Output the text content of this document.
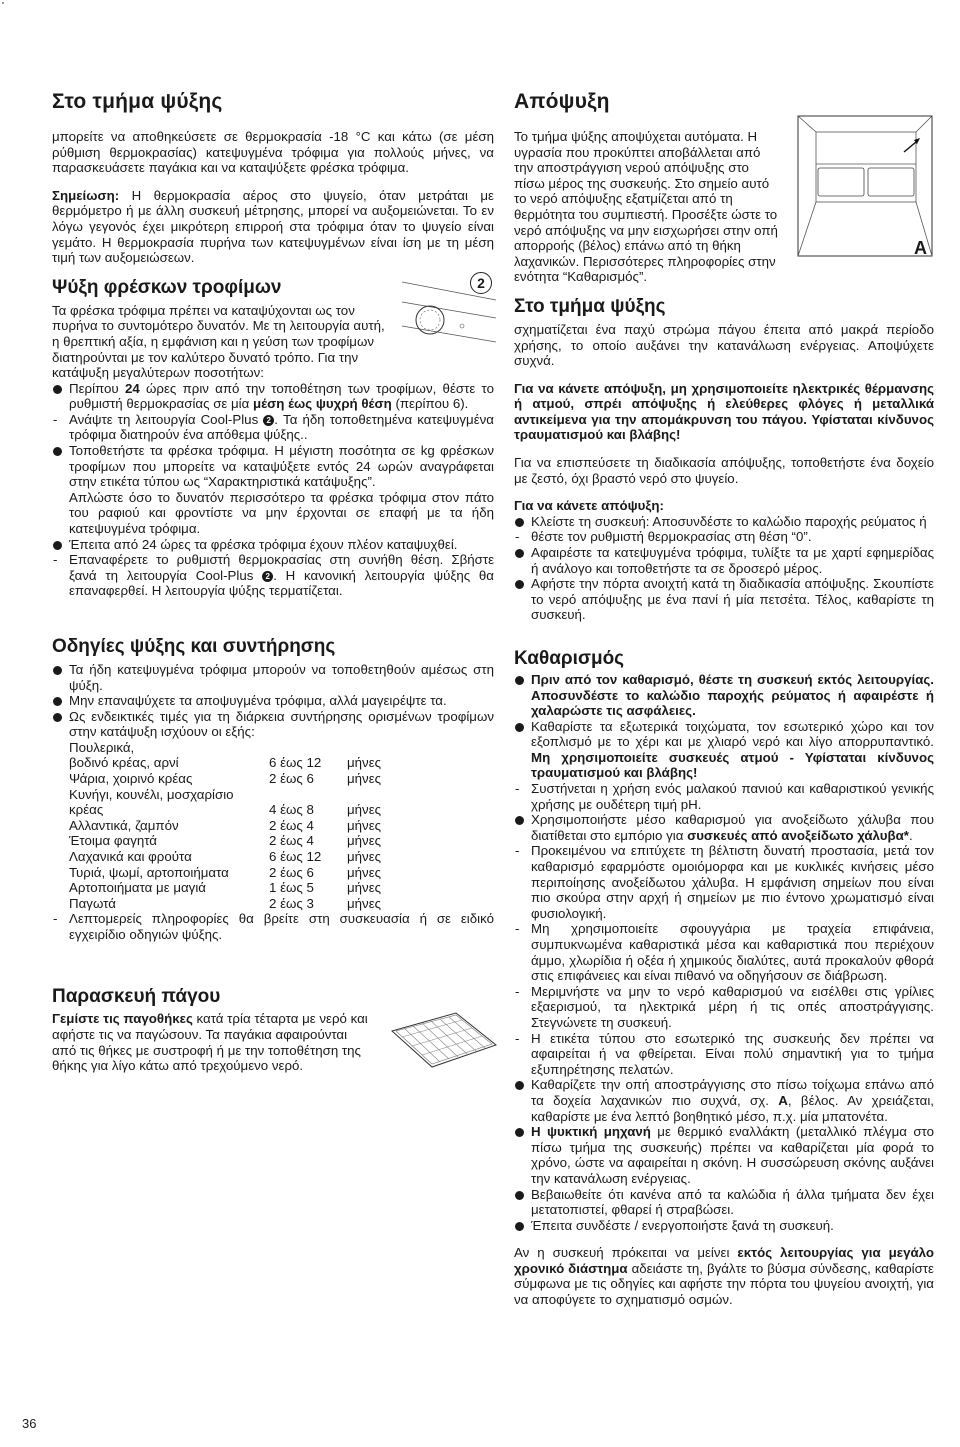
Στο τμήμα ψύξης

μπορείτε να αποθηκεύσετε σε θερμοκρασία -18 °C και κάτω (σε μέση ρύθμιση θερμοκρασίας) κατεψυγμένα τρόφιμα για πολλούς μήνες, να παρασκευάσετε παγάκια και να καταψύξετε φρέσκα τρόφιμα.

Σημείωση: Η θερμοκρασία αέρος στο ψυγείο, όταν μετράται με θερμόμετρο ή με άλλη συσκευή μέτρησης, μπορεί να αυξομειώνεται. Το εν λόγω γεγονός έχει μικρότερη επιρροή στα τρόφιμα όταν το ψυγείο είναι γεμάτο. Η θερμοκρασία πυρήνα των κατεψυγμένων είναι ίση με τη μέση τιμή των αυξομειώσεων.

Ψύξη φρέσκων τροφίμων	2

Τα φρέσκα τρόφιμα πρέπει να καταψύχονται ως τον πυρήνα το συντομότερο δυνατόν. Με τη λειτουργία αυτή, η θρεπτική αξία, η εμφάνιση και η γεύση των τροφίμων διατηρούνται με τον καλύτερο δυνατό τρόπο. Για την κατάψυξη μεγαλύτερων ποσοτήτων:

Περίπου 24 ώρες πριν από την τοποθέτηση των τροφίμων, θέστε το ρυθμιστή θερμοκρασίας σε μία μέση έως ψυχρή θέση (περίπου 6).
- Ανάψτε τη λειτουργία Cool-Plus 2 . Τα ήδη τοποθετημένα κατεψυγμένα τρόφιμα διατηρούν ένα απόθεμα ψύξης..
Τοποθετήστε τα φρέσκα τρόφιμα. Η μέγιστη ποσότητα σε kg φρέσκων τροφίμων που μπορείτε να καταψύξετε εντός 24 ωρών αναγράφεται στην ετικέτα τύπου ως “Χαρακτηριστικά κατάψυξης”.
Απλώστε όσο το δυνατόν περισσότερο τα φρέσκα τρόφιμα στον πάτο του ραφιού και φροντίστε να μην έρχονται σε επαφή με τα ήδη κατεψυγμένα τρόφιμα.
Έπειτα από 24 ώρες τα φρέσκα τρόφιμα έχουν πλέον καταψυχθεί.
- Επαναφέρετε το ρυθμιστή θερμοκρασίας στη συνήθη θέση. Σβήστε ξανά τη λειτουργία Cool-Plus 2 . Η κανονική λειτουργία ψύξης θα επαναφερθεί. Η λειτουργία ψύξης τερματίζεται.
Οδηγίες ψύξης και συντήρησης
Τα ήδη κατεψυγμένα τρόφιμα μπορούν να τοποθετηθούν αμέσως στη ψύξη.
Μην επαναψύχετε τα αποψυγμένα τρόφιμα, αλλά μαγειρέψτε τα.
Ως ενδεικτικές τιμές για τη διάρκεια συντήρησης ορισμένων τροφίμων στην κατάψυξη ισχύουν οι εξής:
Πουλερικά,		
βοδινό κρέας, αρνί	6 έως 12	μήνες
Ψάρια, χοιρινό κρέας	2 έως 6	μήνες
Κυνήγι, κουνέλι, μοσχαρίσιο		
κρέας	4 έως 8	μήνες
Αλλαντικά, ζαμπόν	2 έως 4	μήνες
Έτοιμα φαγητά	2 έως 4	μήνες
Λαχανικά και φρούτα	6 έως 12	μήνες
Τυριά, ψωμί, αρτοποιήματα	2 έως 6	μήνες
Αρτοποιήματα με μαγιά	1 έως 5	μήνες
Παγωτά	2 έως 3	μήνες
- Λεπτομερείς πληροφορίες θα βρείτε στη συσκευασία ή σε ειδικό εγχειρίδιο οδηγιών ψύξης.
Παρασκευή πάγου

Γεμίστε τις παγοθήκες κατά τρία τέταρτα με νερό και αφήστε τις να παγώσουν. Τα παγάκια αφαιρούνται από τις θήκες με συστροφή ή με την τοποθέτηση της θήκης για λίγο κάτω από τρεχούμενο νερό.

Απόψυξη

Το τμήμα ψύξης αποψύχεται αυτόματα. Η υγρασία που προκύπτει αποβάλλεται από την αποστράγγιση νερού απόψυξης στο πίσω μέρος της συσκευής. Στο σημείο αυτό το νερό απόψυξης εξατμίζεται από τη θερμότητα του συμπιεστή. Προσέξτε ώστε το νερό απόψυξης να μην εισχωρήσει στην οπή απορροής (βέλος) επάνω από τη θήκη λαχανικών. Περισσότερες πληροφορίες στην ενότητα “Καθαρισμός”.

A
Στο τμήμα ψύξης

σχηματίζεται ένα παχύ στρώμα πάγου έπειτα από μακρά περίοδο χρήσης, το οποίο αυξάνει την κατανάλωση ενέργειας. Αποψύχετε συχνά.

Για να κάνετε απόψυξη, μη χρησιμοποιείτε ηλεκτρικές θέρμανσης ή ατμού, σπρέι απόψυξης ή ελεύθερες φλόγες ή μεταλλικά αντικείμενα για την απομάκρυνση του πάγου. Υφίσταται κίνδυνος τραυματισμού και βλάβης!

Για να επισπεύσετε τη διαδικασία απόψυξης, τοποθετήστε ένα δοχείο με ζεστό, όχι βραστό νερό στο ψυγείο.

Για να κάνετε απόψυξη:

Κλείστε τη συσκευή: Αποσυνδέστε το καλώδιο παροχής ρεύματος ή
- θέστε τον ρυθμιστή θερμοκρασίας στη θέση “0”.
Αφαιρέστε τα κατεψυγμένα τρόφιμα, τυλίξτε τα με χαρτί εφημερίδας ή ανάλογο και τοποθετήστε τα σε δροσερό μέρος.
Αφήστε την πόρτα ανοιχτή κατά τη διαδικασία απόψυξης. Σκουπίστε το νερό απόψυξης με ένα πανί ή μία πετσέτα. Τέλος, καθαρίστε τη συσκευή.
Καθαρισμός
Πριν από τον καθαρισμό, θέστε τη συσκευή εκτός λειτουργίας. Αποσυνδέστε το καλώδιο παροχής ρεύματος ή αφαιρέστε ή χαλαρώστε τις ασφάλειες.
Καθαρίστε τα εξωτερικά τοιχώματα, τον εσωτερικό χώρο και τον εξοπλισμό με το χέρι και με χλιαρό νερό και λίγο απορρυπαντικό. Μη χρησιμοποιείτε συσκευές ατμού - Υφίσταται κίνδυνος τραυματισμού και βλάβης!
- Συστήνεται η χρήση ενός μαλακού πανιού και καθαριστικού γενικής χρήσης με ουδέτερη τιμή pH.
Χρησιμοποιήστε μέσο καθαρισμού για ανοξείδωτο χάλυβα που διατίθεται στο εμπόριο για συσκευές από ανοξείδωτο χάλυβα*.
- Προκειμένου να επιτύχετε τη βέλτιστη δυνατή προστασία, μετά τον καθαρισμό εφαρμόστε ομοιόμορφα και με κυκλικές κινήσεις μέσο περιποίησης ανοξείδωτου χάλυβα. Η εμφάνιση σημείων που είναι πιο σκούρα στην αρχή ή σημείων με πιο έντονο χρωματισμό είναι φυσιολογική.
- Μη χρησιμοποιείτε σφουγγάρια με τραχεία επιφάνεια, συμπυκνωμένα καθαριστικά μέσα και καθαριστικά που περιέχουν άμμο, χλωρίδια ή οξέα ή χημικούς διαλύτες, αυτά προκαλούν φθορά στις επιφάνειες και είναι πιθανό να οδηγήσουν σε διάβρωση.
- Μεριμνήστε να μην το νερό καθαρισμού να εισέλθει στις γρίλιες εξαερισμού, τα ηλεκτρικά μέρη ή τις οπές αποστράγγισης. Στεγνώνετε τη συσκευή.
- Η ετικέτα τύπου στο εσωτερικό της συσκευής δεν πρέπει να αφαιρείται ή να φθείρεται. Είναι πολύ σημαντική για το τμήμα εξυπηρέτησης πελατών.
Καθαρίζετε την οπή αποστράγγισης στο πίσω τοίχωμα επάνω από τα δοχεία λαχανικών πιο συχνά, σχ. A, βέλος. Αν χρειάζεται, καθαρίστε με ένα λεπτό βοηθητικό μέσο, π.χ. μία μπατονέτα.
Η ψυκτική μηχανή με θερμικό εναλλάκτη (μεταλλικό πλέγμα στο πίσω τμήμα της συσκευής) πρέπει να καθαρίζεται μία φορά το χρόνο, ώστε να αφαιρείται η σκόνη. Η συσσώρευση σκόνης αυξάνει την κατανάλωση ενέργειας.
Βεβαιωθείτε ότι κανένα από τα καλώδια ή άλλα τμήματα δεν έχει μετατοπιστεί, φθαρεί ή στραβώσει.
Έπειτα συνδέστε / ενεργοποιήστε ξανά τη συσκευή.

Αν η συσκευή πρόκειται να μείνει εκτός λειτουργίας για μεγάλο χρονικό διάστημα αδειάστε τη, βγάλτε το βύσμα σύνδεσης, καθαρίστε σύμφωνα με τις οδηγίες και αφήστε την πόρτα του ψυγείου ανοιχτή, για να αποφύγετε το σχηματισμό οσμών.

36
